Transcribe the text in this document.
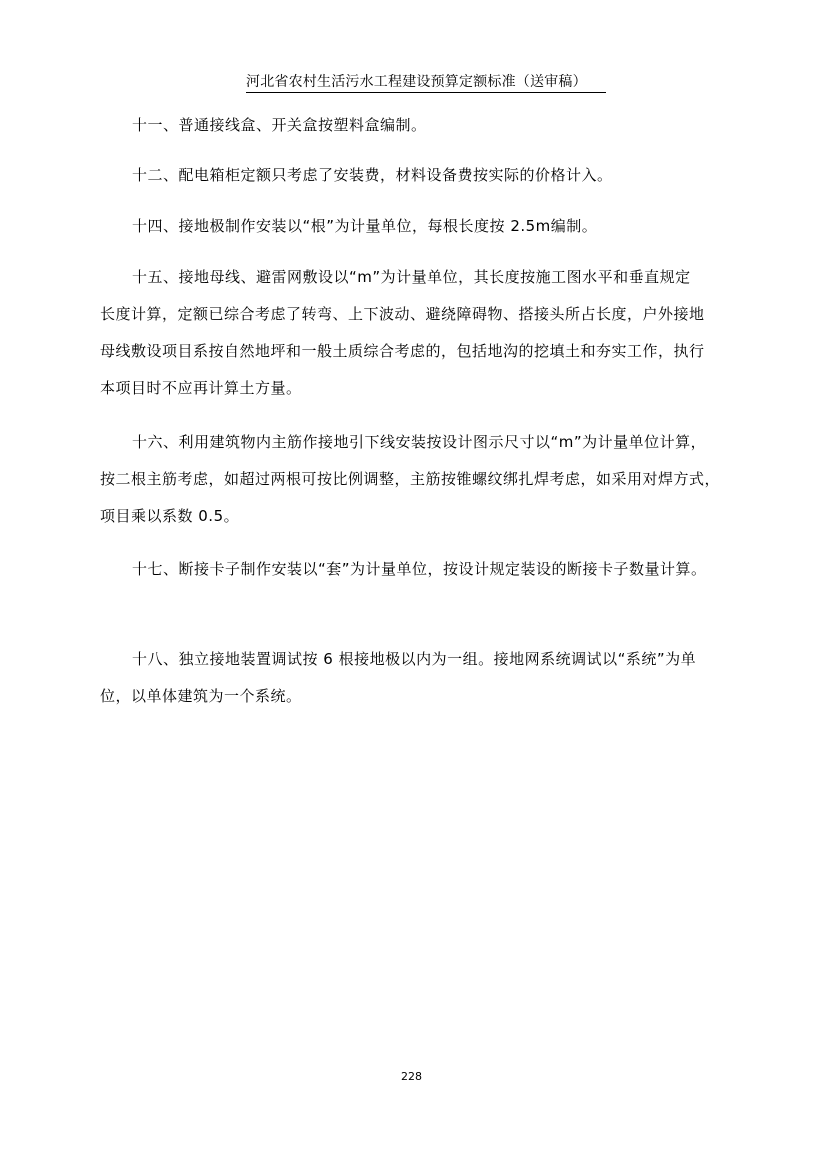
河北省农村生活污水工程建设预算定额标准（送审稿）

十一、普通接线盒、开关盒按塑料盒编制。

十二、配电箱柜定额只考虑了安装费，材料设备费按实际的价格计入。

十四、接地极制作安装以“根”为计量单位，每根长度按 2.5m编制。

十五、接地母线、避雷网敷设以“m”为计量单位，其长度按施工图水平和垂直规定
长度计算，定额已综合考虑了转弯、上下波动、避绕障碍物、搭接头所占长度，户外接地
母线敷设项目系按自然地坪和一般土质综合考虑的，包括地沟的挖填土和夯实工作，执行
本项目时不应再计算土方量。

十六、利用建筑物内主筋作接地引下线安装按设计图示尺寸以“m”为计量单位计算，
按二根主筋考虑，如超过两根可按比例调整，主筋按锥螺纹绑扎焊考虑，如采用对焊方式，
项目乘以系数 0.5。

十七、断接卡子制作安装以“套”为计量单位，按设计规定装设的断接卡子数量计算。

十八、独立接地装置调试按 6 根接地极以内为一组。接地网系统调试以“系统”为单
位，以单体建筑为一个系统。

228
